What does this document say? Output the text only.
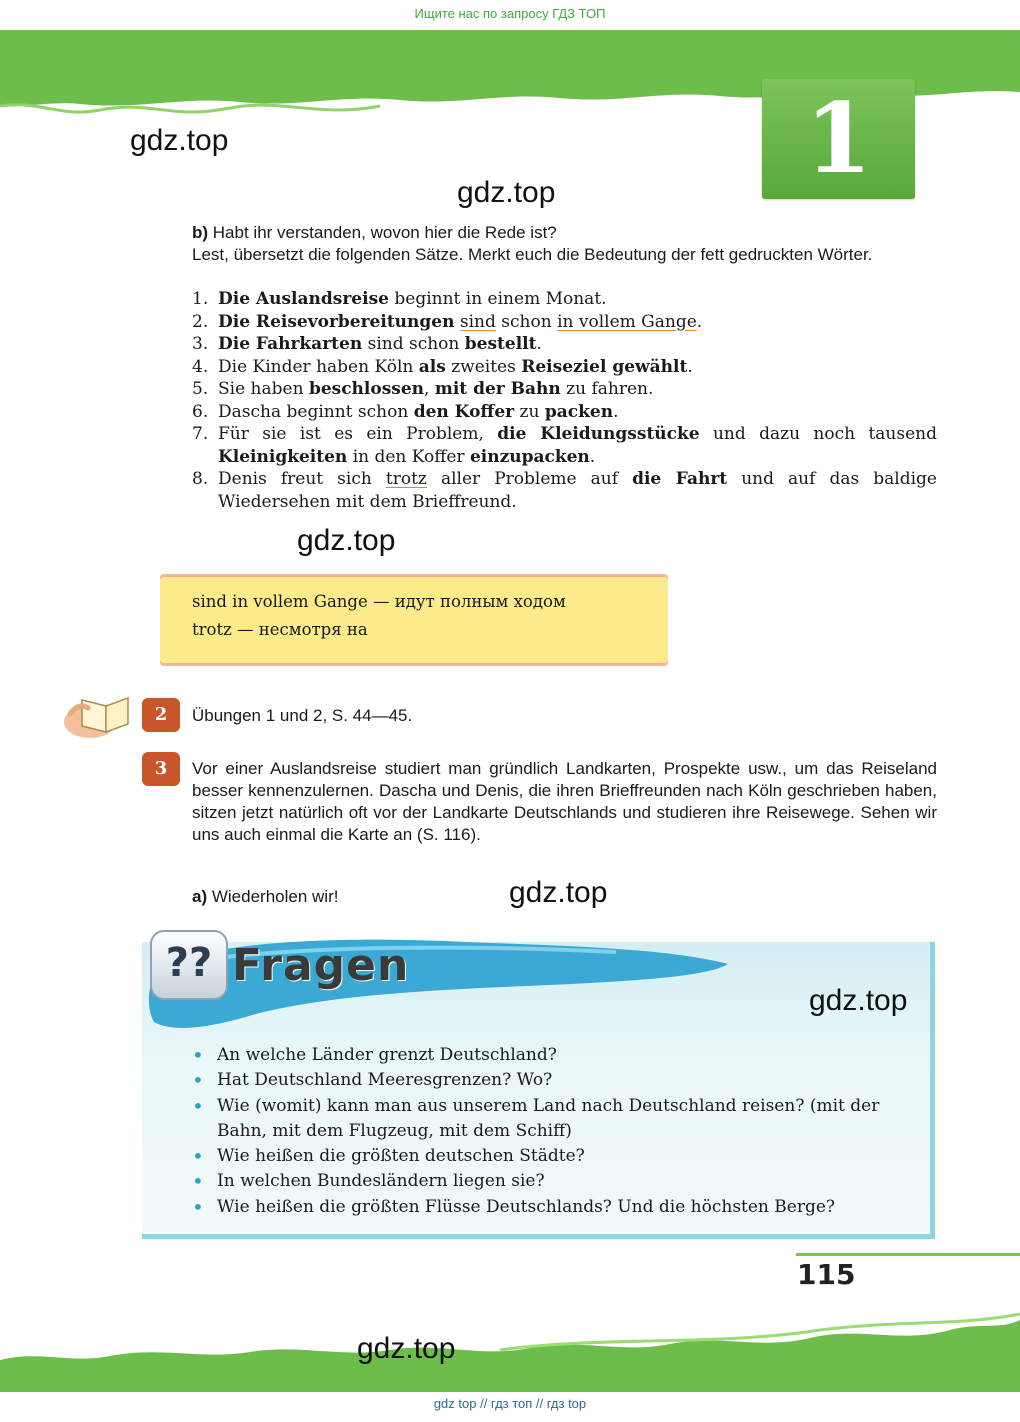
Ищите нас по запросу ГДЗ ТОП
1
gdz.top
gdz.top
b) Habt ihr verstanden, wovon hier die Rede ist?
Lest, übersetzt die folgenden Sätze. Merkt euch die Bedeutung der fett gedruckten Wörter.
1. Die Auslandsreise beginnt in einem Monat.
2. Die Reisevorbereitungen sind schon in vollem Gange.
3. Die Fahrkarten sind schon bestellt.
4. Die Kinder haben Köln als zweites Reiseziel gewählt.
5. Sie haben beschlossen, mit der Bahn zu fahren.
6. Dascha beginnt schon den Koffer zu packen.
7. Für sie ist es ein Problem, die Kleidungsstücke und dazu noch tausend Kleinigkeiten in den Koffer einzupacken.
8. Denis freut sich trotz aller Probleme auf die Fahrt und auf das baldige Wiedersehen mit dem Brieffreund.
gdz.top
sind in vollem Gange — идут полным ходом
trotz — несмотря на
2	Übungen 1 und 2, S. 44—45.
3	Vor einer Auslandsreise studiert man gründlich Landkarten, Prospekte usw., um das Reiseland besser kennenzulernen. Dascha und Denis, die ihren Brieffreunden nach Köln geschrieben haben, sitzen jetzt natürlich oft vor der Landkarte Deutschlands und studieren ihre Reisewege. Sehen wir uns auch einmal die Karte an (S. 116).
a) Wiederholen wir!	gdz.top
?? Fragen
gdz.top
• An welche Länder grenzt Deutschland?
• Hat Deutschland Meeresgrenzen? Wo?
• Wie (womit) kann man aus unserem Land nach Deutschland reisen? (mit der Bahn, mit dem Flugzeug, mit dem Schiff)
• Wie heißen die größten deutschen Städte?
• In welchen Bundesländern liegen sie?
• Wie heißen die größten Flüsse Deutschlands? Und die höchsten Berge?
115
gdz.top
gdz top // гдз топ // гдз top
